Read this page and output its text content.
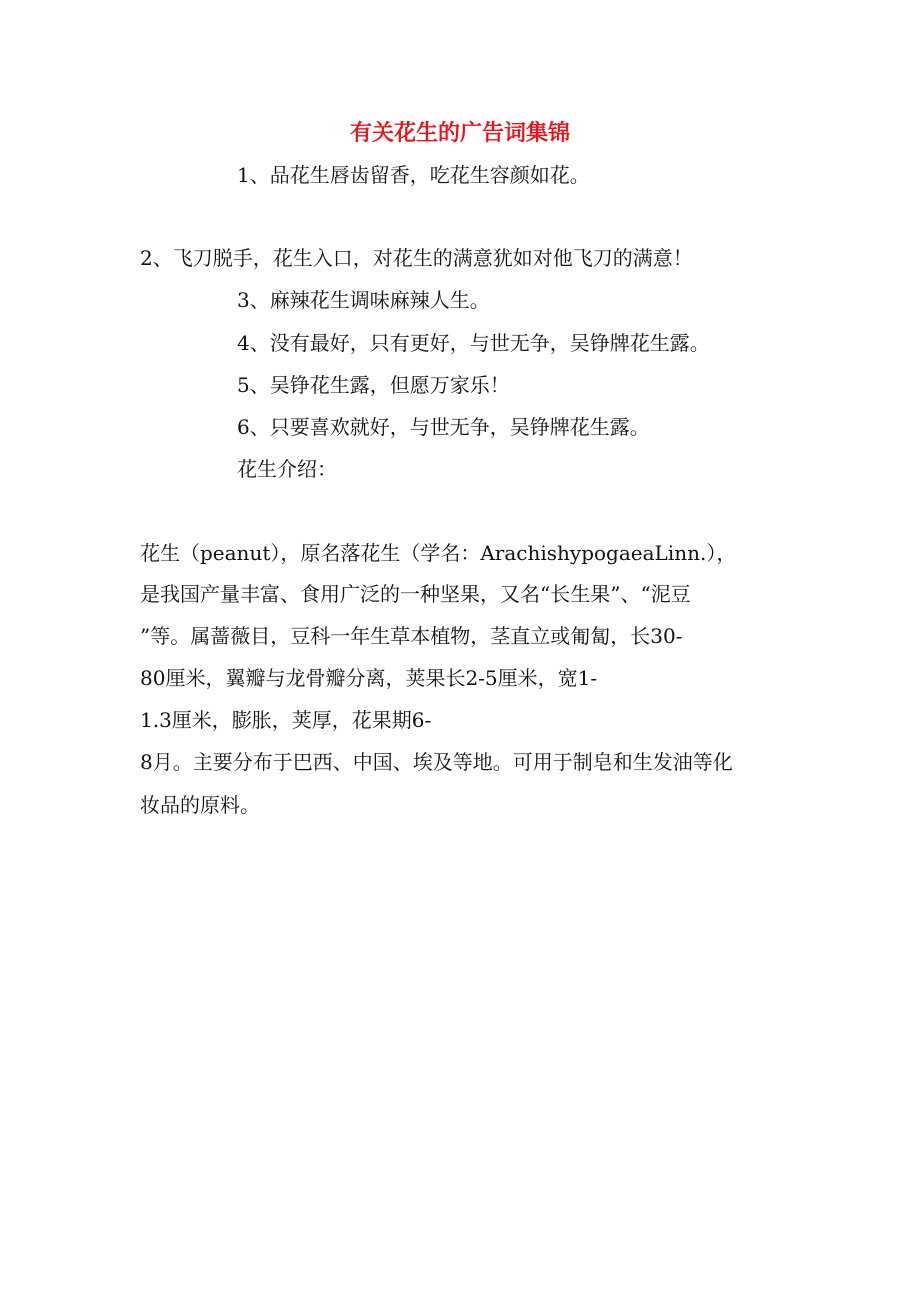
有关花生的广告词集锦
1、品花生唇齿留香，吃花生容颜如花。
2、飞刀脱手，花生入口，对花生的满意犹如对他飞刀的满意！
3、麻辣花生调味麻辣人生。
4、没有最好，只有更好，与世无争，吴铮牌花生露。
5、吴铮花生露，但愿万家乐！
6、只要喜欢就好，与世无争，吴铮牌花生露。
花生介绍：
花生（peanut），原名落花生（学名：ArachishypogaeaLinn.），
是我国产量丰富、食用广泛的一种坚果，又名“长生果”、“泥豆
”等。属蔷薇目，豆科一年生草本植物，茎直立或匍匐，长30-
80厘米，翼瓣与龙骨瓣分离，荚果长2-5厘米，宽1-
1.3厘米，膨胀，荚厚，花果期6-
8月。主要分布于巴西、中国、埃及等地。可用于制皂和生发油等化
妆品的原料。
